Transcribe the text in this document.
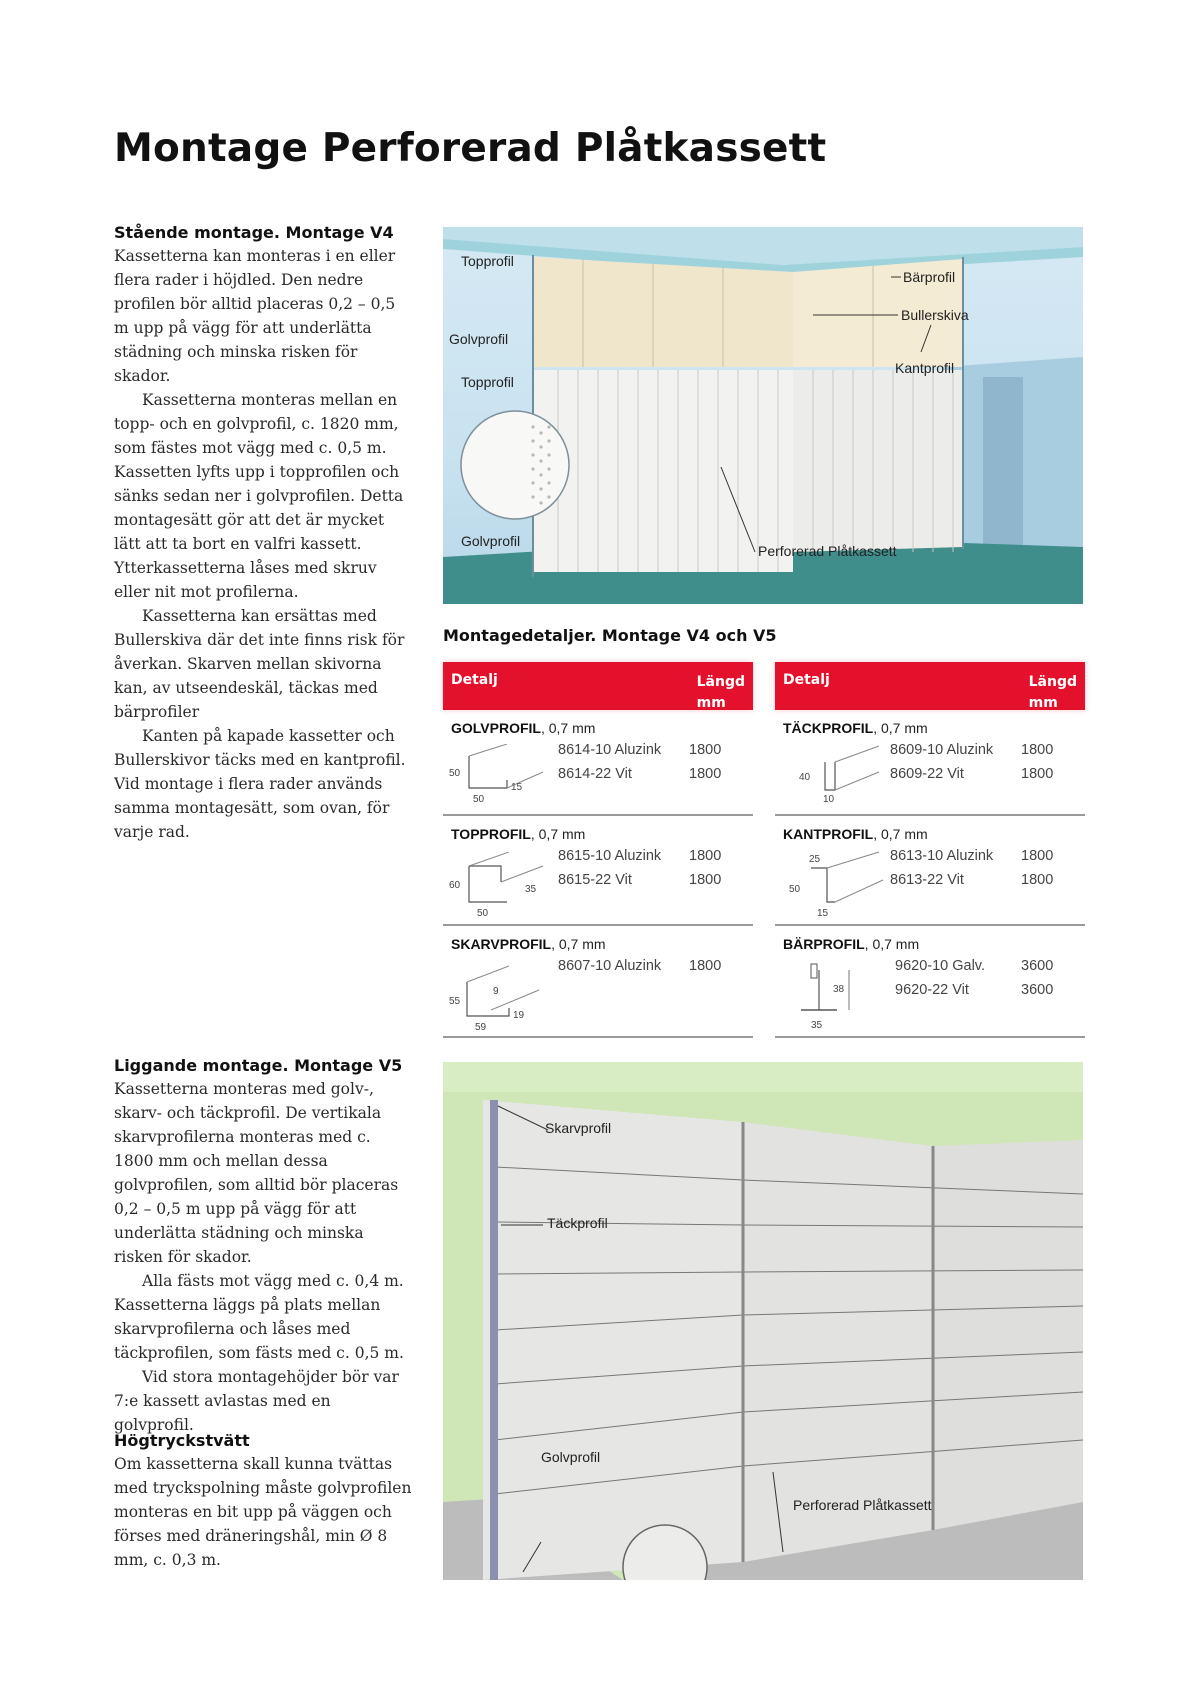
Montage Perforerad Plåtkassett
Stående montage. Montage V4

Kassetterna kan monteras i en eller flera rader i höjdled. Den nedre profilen bör alltid placeras 0,2 – 0,5 m upp på vägg för att underlätta städning och minska risken för skador.

Kassetterna monteras mellan en topp- och en golvprofil, c. 1820 mm, som fästes mot vägg med c. 0,5 m. Kassetten lyfts upp i topprofilen och sänks sedan ner i golvprofilen. Detta montagesätt gör att det är mycket lätt att ta bort en valfri kassett. Ytterkassetterna låses med skruv eller nit mot profilerna.

Kassetterna kan ersättas med Bullerskiva där det inte finns risk för åverkan. Skarven mellan skivorna kan, av utseendeskäl, täckas med bärprofiler

Kanten på kapade kassetter och Bullerskivor täcks med en kantprofil. Vid montage i flera rader används samma montagesätt, som ovan, för varje rad.

Liggande montage. Montage V5

Kassetterna monteras med golv-, skarv- och täckprofil. De vertikala skarvprofilerna monteras med c. 1800 mm och mellan dessa golvprofilen, som alltid bör placeras 0,2 – 0,5 m upp på vägg för att underlätta städning och minska risken för skador.

Alla fästs mot vägg med c. 0,4 m. Kassetterna läggs på plats mellan skarvprofilerna och låses med täckprofilen, som fästs med c. 0,5 m.

Vid stora montagehöjder bör var 7:e kassett avlastas med en golvprofil.

Högtryckstvätt

Om kassetterna skall kunna tvättas med tryckspolning måste golvprofilen monteras en bit upp på väggen och förses med dräneringshål, min Ø 8 mm, c. 0,3 m.

Topprofil
Golvprofil
Topprofil
Golvprofil
Bärprofil
Bullerskiva
Kantprofil
Perforerad Plåtkassett
Montagedetaljer. Montage V4 och V5
Detalj	Längd
mm
GOLVPROFIL, 0,7 mm
50
15
50
8614-10 Aluzink 1800
8614-22 Vit	1800
TOPPROFIL, 0,7 mm
60	35
50
8615-10 Aluzink 1800
8615-22 Vit	1800
SKARVPROFIL, 0,7 mm
55
9
19
59
8607-10 Aluzink 1800
Detalj	Längd
mm
TÄCKPROFIL, 0,7 mm
40
10
8609-10 Aluzink 1800
8609-22 Vit	1800
KANTPROFIL, 0,7 mm
25
50
15
8613-10 Aluzink 1800
8613-22 Vit	1800
BÄRPROFIL, 0,7 mm
38
35
9620-10 Galv. 3600
9620-22 Vit	3600
Skarvprofil
Täckprofil
Golvprofil
Perforerad Plåtkassett
